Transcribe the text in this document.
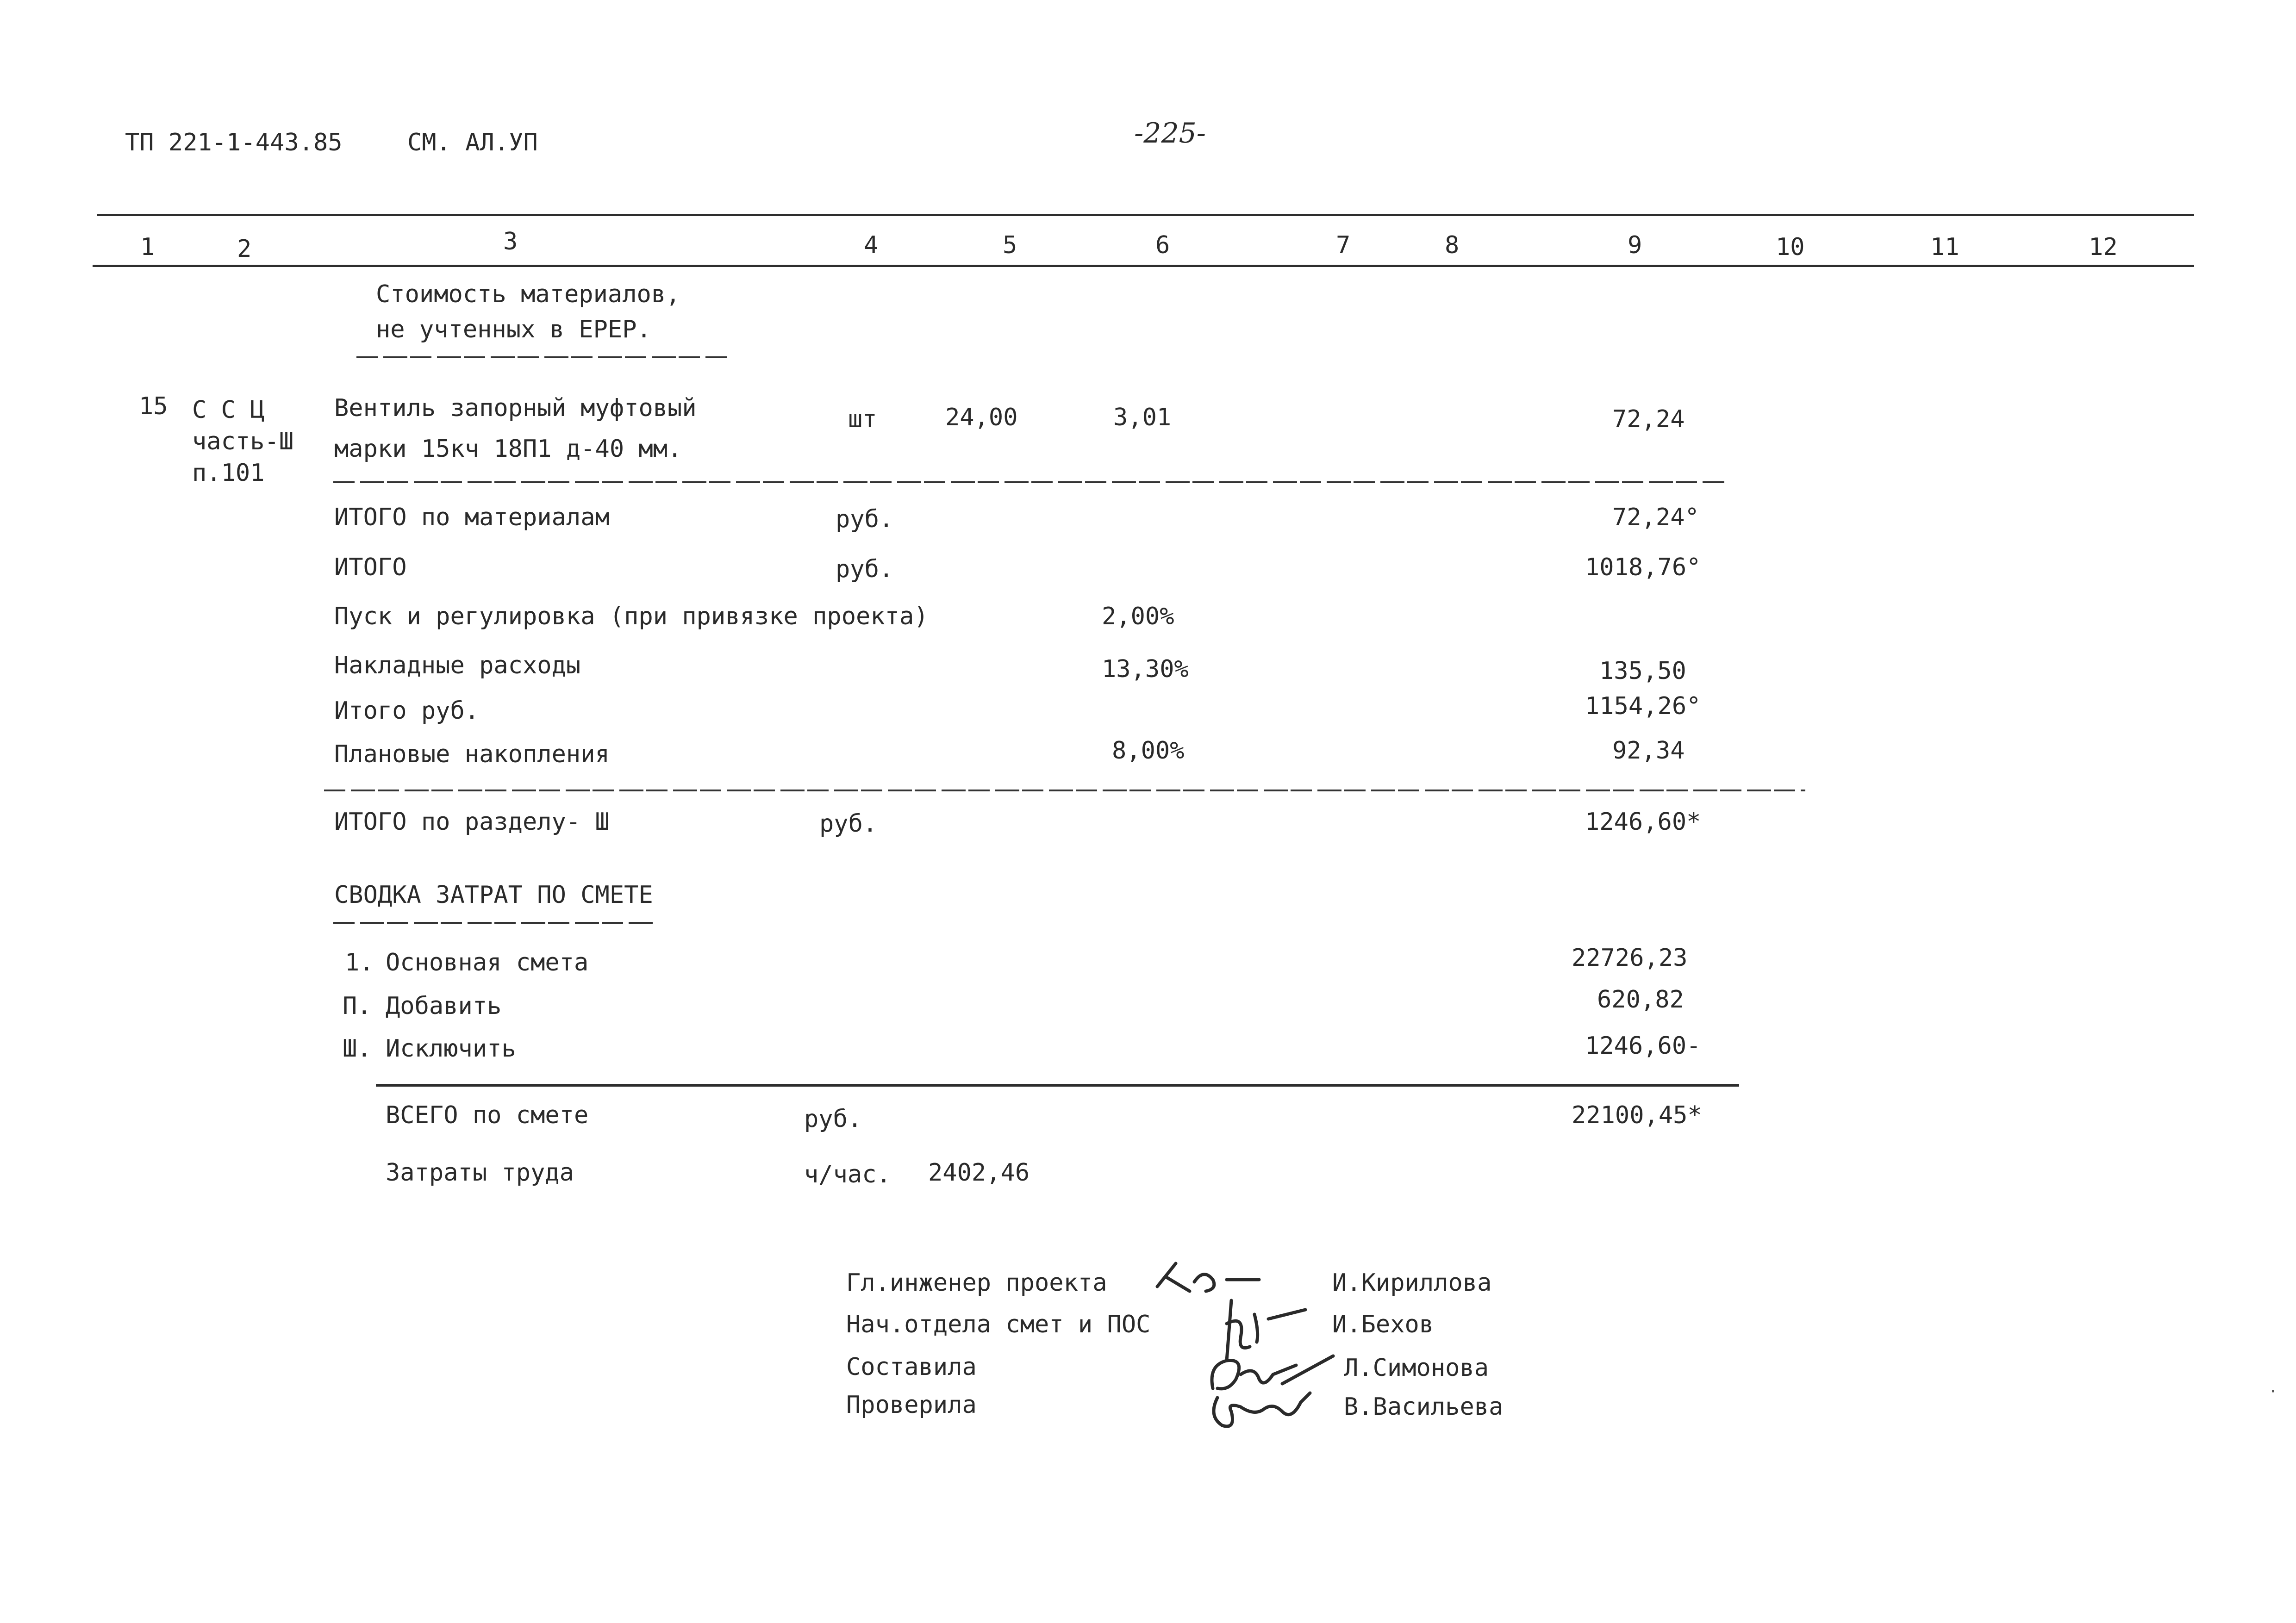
ТП 221-1-443.85	СМ. АЛ.УП	-225-
1	2	3	4	5	6	7	8	9	10	11	12
Стоимость материалов,
не учтенных в ЕРЕР.
15 С С Ц
часть-Ш
п.101
Вентиль запорный муфтовый
марки 15кч 18П1 д-40 мм.
шт	24,00	3,01	72,24
ИТОГО по материалам	руб.	72,24°
ИТОГО	руб.	1018,76°
Пуск и регулировка (при привязке проекта)	2,00%
Накладные расходы	13,30%	135,50
Итого руб.	1154,26°
Плановые накопления	8,00%	92,34
ИТОГО по разделу- Ш	руб.	1246,60*
СВОДКА ЗАТРАТ ПО СМЕТЕ
1. Основная смета	22726,23
П. Добавить	620,82
Ш. Исключить	1246,60-
ВСЕГО по смете	руб.	22100,45*
Затраты труда	ч/час. 2402,46
Гл.инженер проекта	И.Кириллова
Нач.отдела смет и ПОС	И.Бехов
Составила	Л.Симонова
Проверила	В.Васильева
·
